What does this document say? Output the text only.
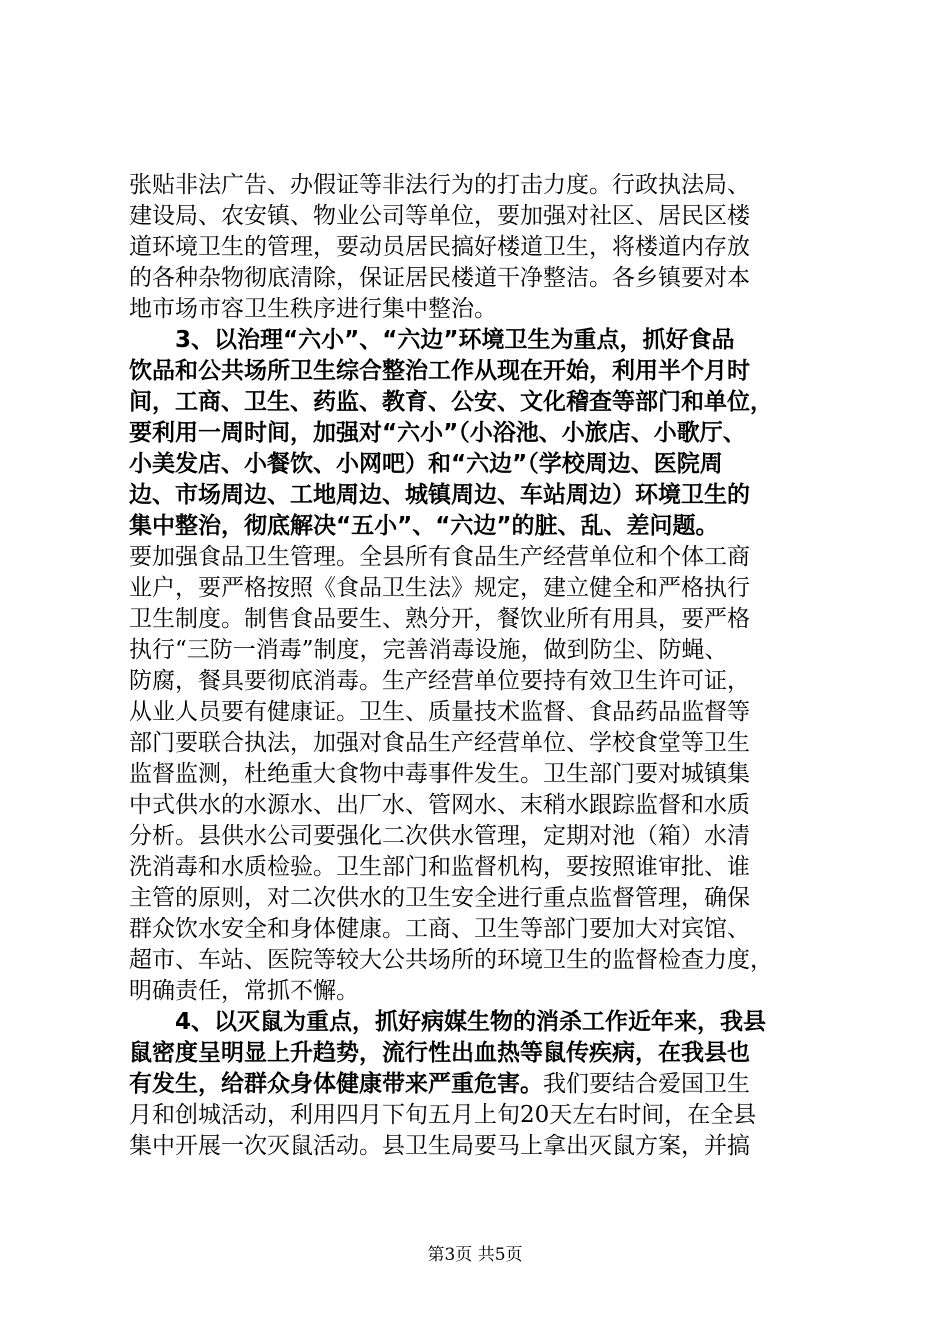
张贴非法广告、办假证等非法行为的打击力度。行政执法局、
建设局、农安镇、物业公司等单位，要加强对社区、居民区楼
道环境卫生的管理，要动员居民搞好楼道卫生，将楼道内存放
的各种杂物彻底清除，保证居民楼道干净整洁。各乡镇要对本
地市场市容卫生秩序进行集中整治。
3、以治理“六小”、“六边”环境卫生为重点，抓好食品
饮品和公共场所卫生综合整治工作从现在开始，利用半个月时
间，工商、卫生、药监、教育、公安、文化稽查等部门和单位，
要利用一周时间，加强对“六小”（小浴池、小旅店、小歌厅、
小美发店、小餐饮、小网吧）和“六边”（学校周边、医院周
边、市场周边、工地周边、城镇周边、车站周边）环境卫生的
集中整治，彻底解决“五小”、“六边”的脏、乱、差问题。
要加强食品卫生管理。全县所有食品生产经营单位和个体工商
业户，要严格按照《食品卫生法》规定，建立健全和严格执行
卫生制度。制售食品要生、熟分开，餐饮业所有用具，要严格
执行“三防一消毒”制度，完善消毒设施，做到防尘、防蝇、
防腐，餐具要彻底消毒。生产经营单位要持有效卫生许可证，
从业人员要有健康证。卫生、质量技术监督、食品药品监督等
部门要联合执法，加强对食品生产经营单位、学校食堂等卫生
监督监测，杜绝重大食物中毒事件发生。卫生部门要对城镇集
中式供水的水源水、出厂水、管网水、末稍水跟踪监督和水质
分析。县供水公司要强化二次供水管理，定期对池（箱）水清
洗消毒和水质检验。卫生部门和监督机构，要按照谁审批、谁
主管的原则，对二次供水的卫生安全进行重点监督管理，确保
群众饮水安全和身体健康。工商、卫生等部门要加大对宾馆、
超市、车站、医院等较大公共场所的环境卫生的监督检查力度，
明确责任，常抓不懈。
4、以灭鼠为重点，抓好病媒生物的消杀工作近年来，我县
鼠密度呈明显上升趋势，流行性出血热等鼠传疾病，在我县也
有发生，给群众身体健康带来严重危害。我们要结合爱国卫生
月和创城活动，利用四月下旬五月上旬20天左右时间，在全县
集中开展一次灭鼠活动。县卫生局要马上拿出灭鼠方案，并搞
第3页 共5页
